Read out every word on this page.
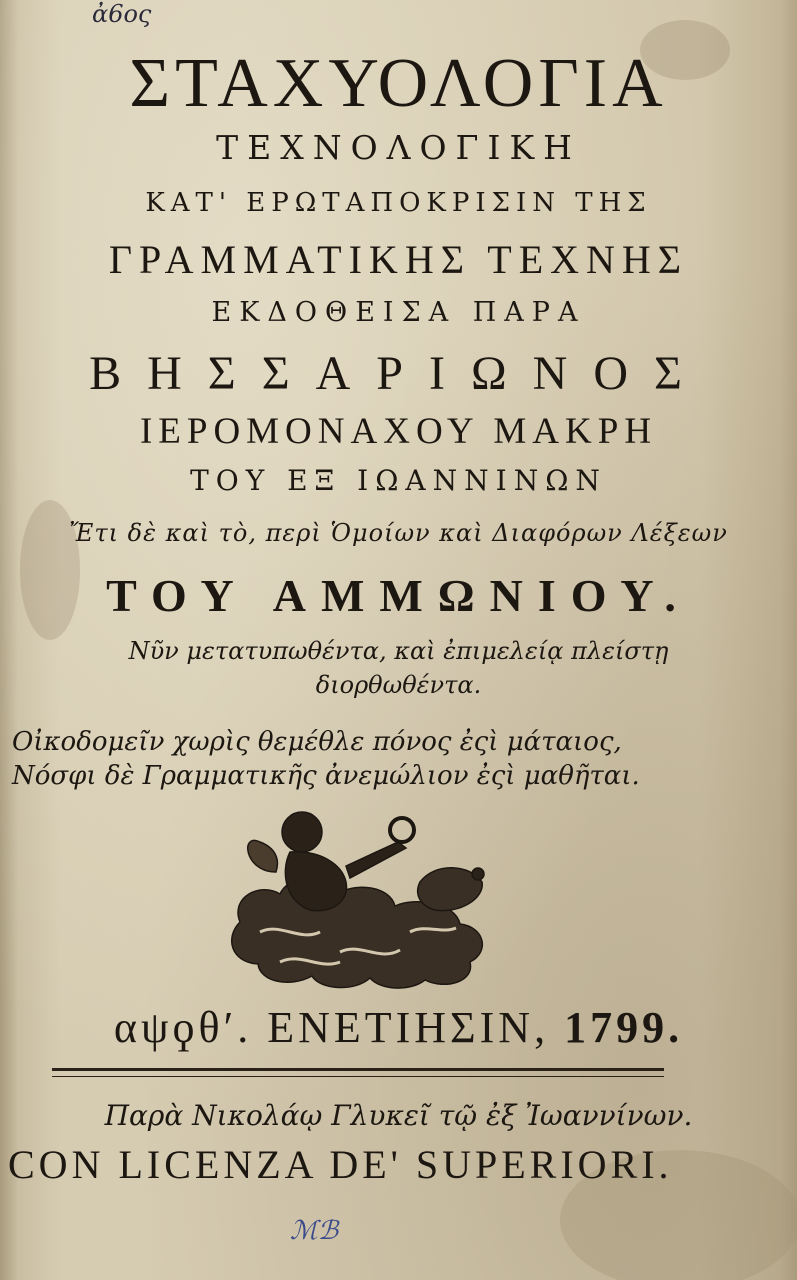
ἀ6ος
ΣΤΑΧΥΟΛΟΓΙΑ
ΤΕΧΝΟΛΟΓΙΚΗ
ΚΑΤ' ΕΡΩΤΑΠΟΚΡΙΣΙΝ ΤΗΣ
ΓΡΑΜΜΑΤΙΚΗΣ ΤΕΧΝΗΣ
ΕΚΔΟΘΕΙΣΑ ΠΑΡΑ
ΒΗΣΣΑΡΙΩΝΟΣ
ΙΕΡΟΜΟΝΑΧΟΥ ΜΑΚΡΗ
ΤΟΥ ΕΞ ΙΩΑΝΝΙΝΩΝ
Ἔτι δὲ καὶ τὸ, περὶ Ὁμοίων καὶ Διαφόρων Λέξεων
ΤΟΥ ΑΜΜΩΝΙΟΥ.
Νῦν μετατυπωθέντα, καὶ ἐπιμελείᾳ πλείστῃ
διορθωθέντα.
Οἰκοδομεῖν χωρὶς θεμέθλε πόνος ἐςὶ μάταιος,
Νόσφι δὲ Γραμματικῆς ἀνεμώλιον ἐςὶ μαθῆται.
αψϙθʹ. ΕΝΕΤΙΗΣΙΝ, 1799.
Παρὰ Νικολάῳ Γλυκεῖ τῷ ἐξ Ἰωαννίνων.
CON LICENZA DE' SUPERIORI.
ℳℬ
